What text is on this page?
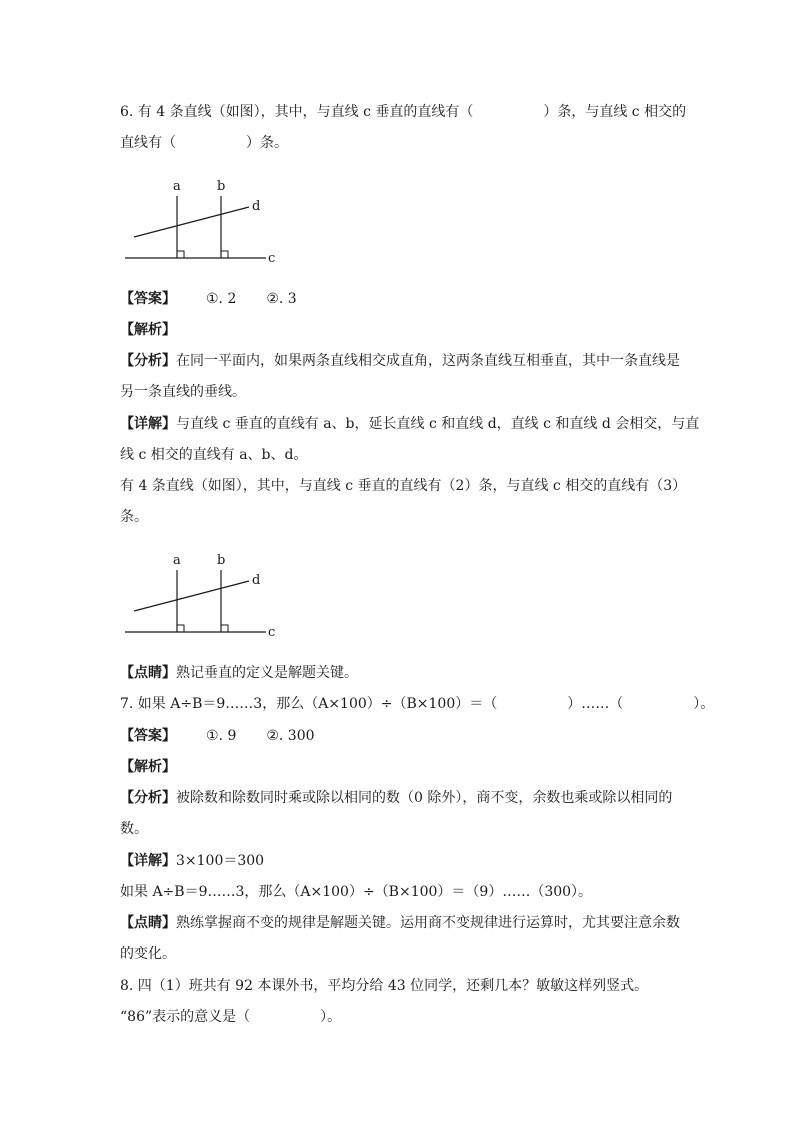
6. 有 4 条直线（如图），其中，与直线 c 垂直的直线有（　　　　　）条，与直线 c 相交的
直线有（　　　　　）条。
a	b
c
d
【答案】 ①. 2 ②. 3
【解析】
【分析】在同一平面内，如果两条直线相交成直角，这两条直线互相垂直，其中一条直线是
另一条直线的垂线。
【详解】与直线 c 垂直的直线有 a、b，延长直线 c 和直线 d，直线 c 和直线 d 会相交，与直
线 c 相交的直线有 a、b、d。
有 4 条直线（如图），其中，与直线 c 垂直的直线有（2）条，与直线 c 相交的直线有（3）
条。
a	b
c
d
【点睛】熟记垂直的定义是解题关键。
7. 如果 A÷B＝9……3，那么（A×100）÷（B×100）＝（　　　　　）……（　　　　　）。
【答案】 ①. 9 ②. 300
【解析】
【分析】被除数和除数同时乘或除以相同的数（0 除外），商不变，余数也乘或除以相同的
数。
【详解】3×100＝300
如果 A÷B＝9……3，那么（A×100）÷（B×100）＝（9）……（300）。
【点睛】熟练掌握商不变的规律是解题关键。运用商不变规律进行运算时，尤其要注意余数
的变化。
8. 四（1）班共有 92 本课外书，平均分给 43 位同学，还剩几本？敏敏这样列竖式。
“86”表示的意义是（　　　　　）。
